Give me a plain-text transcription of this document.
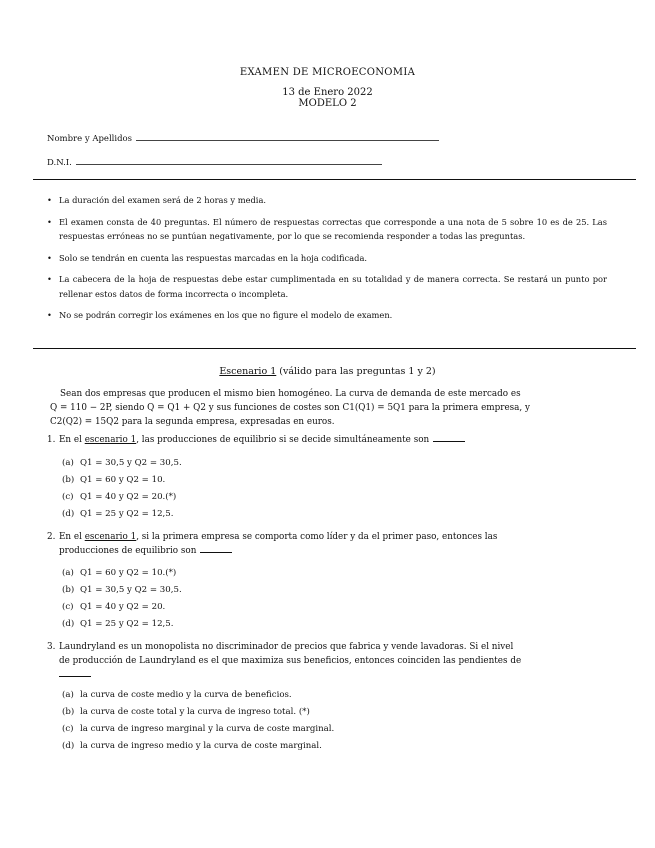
EXAMEN DE MICROECONOMIA
13 de Enero 2022
MODELO 2
Nombre y Apellidos
D.N.I.
• La duración del examen será de 2 horas y media.
• El examen consta de 40 preguntas. El número de respuestas correctas que corresponde a una nota de 5 sobre 10 es de 25. Las respuestas erróneas no se puntúan negativamente, por lo que se recomienda responder a todas las preguntas.
• Solo se tendrán en cuenta las respuestas marcadas en la hoja codificada.
• La cabecera de la hoja de respuestas debe estar cumplimentada en su totalidad y de manera correcta. Se restará un punto por rellenar estos datos de forma incorrecta o incompleta.
• No se podrán corregir los exámenes en los que no figure el modelo de examen.
Escenario 1 (válido para las preguntas 1 y 2)
Sean dos empresas que producen el mismo bien homogéneo. La curva de demanda de este mercado es
Q = 110 − 2P, siendo Q = Q1 + Q2 y sus funciones de costes son C1(Q1) = 5Q1 para la primera empresa, y
C2(Q2) = 15Q2 para la segunda empresa, expresadas en euros.
1. En el escenario 1, las producciones de equilibrio si se decide simultáneamente son
(a) Q1 = 30,5 y Q2 = 30,5.
(b) Q1 = 60 y Q2 = 10.
(c) Q1 = 40 y Q2 = 20.(*)
(d) Q1 = 25 y Q2 = 12,5.
2. En el escenario 1, si la primera empresa se comporta como líder y da el primer paso, entonces las
producciones de equilibrio son
(a) Q1 = 60 y Q2 = 10.(*)
(b) Q1 = 30,5 y Q2 = 30,5.
(c) Q1 = 40 y Q2 = 20.
(d) Q1 = 25 y Q2 = 12,5.
3. Laundryland es un monopolista no discriminador de precios que fabrica y vende lavadoras. Si el nivel
de producción de Laundryland es el que maximiza sus beneficios, entonces coinciden las pendientes de
(a) la curva de coste medio y la curva de beneficios.
(b) la curva de coste total y la curva de ingreso total. (*)
(c) la curva de ingreso marginal y la curva de coste marginal.
(d) la curva de ingreso medio y la curva de coste marginal.
